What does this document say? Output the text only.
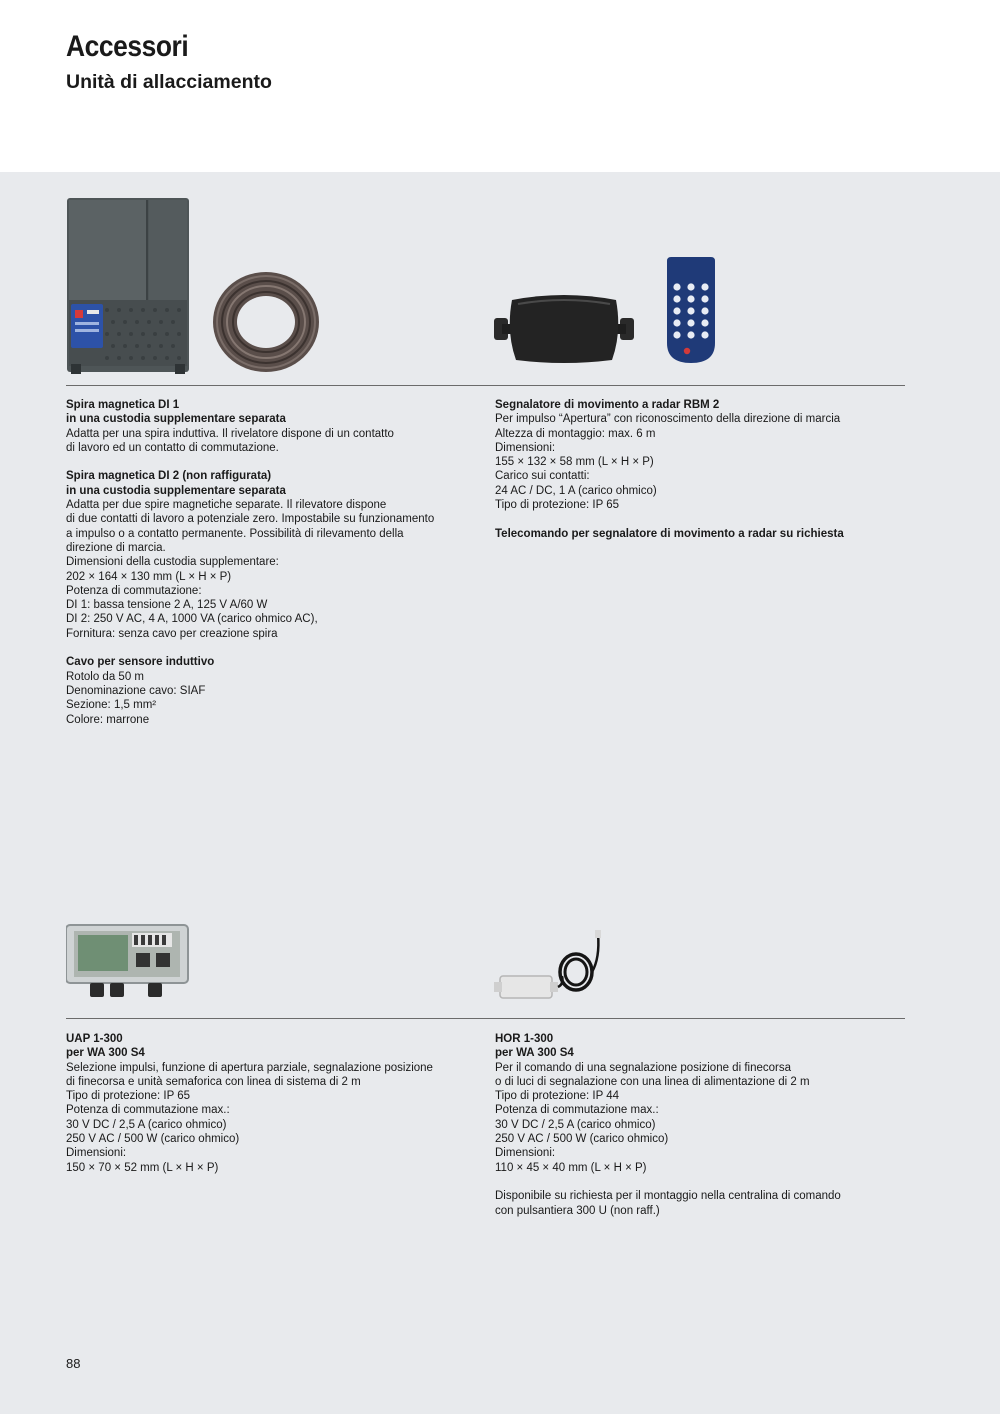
Accessori
Unità di allacciamento
Spira magnetica DI 1
in una custodia supplementare separata
Adatta per una spira induttiva. Il rivelatore dispone di un contatto
di lavoro ed un contatto di commutazione.
Spira magnetica DI 2 (non raffigurata)
in una custodia supplementare separata
Adatta per due spire magnetiche separate. Il rilevatore dispone
di due contatti di lavoro a potenziale zero. Impostabile su funzionamento
a impulso o a contatto permanente. Possibilità di rilevamento della
direzione di marcia.
Dimensioni della custodia supplementare:
202 × 164 × 130 mm (L × H × P)
Potenza di commutazione:
DI 1: bassa tensione 2 A, 125 V A/60 W
DI 2: 250 V AC, 4 A, 1000 VA (carico ohmico AC),
Fornitura: senza cavo per creazione spira
Cavo per sensore induttivo
Rotolo da 50 m
Denominazione cavo: SIAF
Sezione: 1,5 mm²
Colore: marrone
Segnalatore di movimento a radar RBM 2
Per impulso “Apertura” con riconoscimento della direzione di marcia
Altezza di montaggio: max. 6 m
Dimensioni:
155 × 132 × 58 mm (L × H × P)
Carico sui contatti:
24 AC / DC, 1 A (carico ohmico)
Tipo di protezione: IP 65
Telecomando per segnalatore di movimento a radar su richiesta
UAP 1-300
per WA 300 S4
Selezione impulsi, funzione di apertura parziale, segnalazione posizione
di finecorsa e unità semaforica con linea di sistema di 2 m
Tipo di protezione: IP 65
Potenza di commutazione max.:
30 V DC / 2,5 A (carico ohmico)
250 V AC / 500 W (carico ohmico)
Dimensioni:
150 × 70 × 52 mm (L × H × P)
HOR 1-300
per WA 300 S4
Per il comando di una segnalazione posizione di finecorsa
o di luci di segnalazione con una linea di alimentazione di 2 m
Tipo di protezione: IP 44
Potenza di commutazione max.:
30 V DC / 2,5 A (carico ohmico)
250 V AC / 500 W (carico ohmico)
Dimensioni:
110 × 45 × 40 mm (L × H × P)
Disponibile su richiesta per il montaggio nella centralina di comando
con pulsantiera 300 U (non raff.)
88
